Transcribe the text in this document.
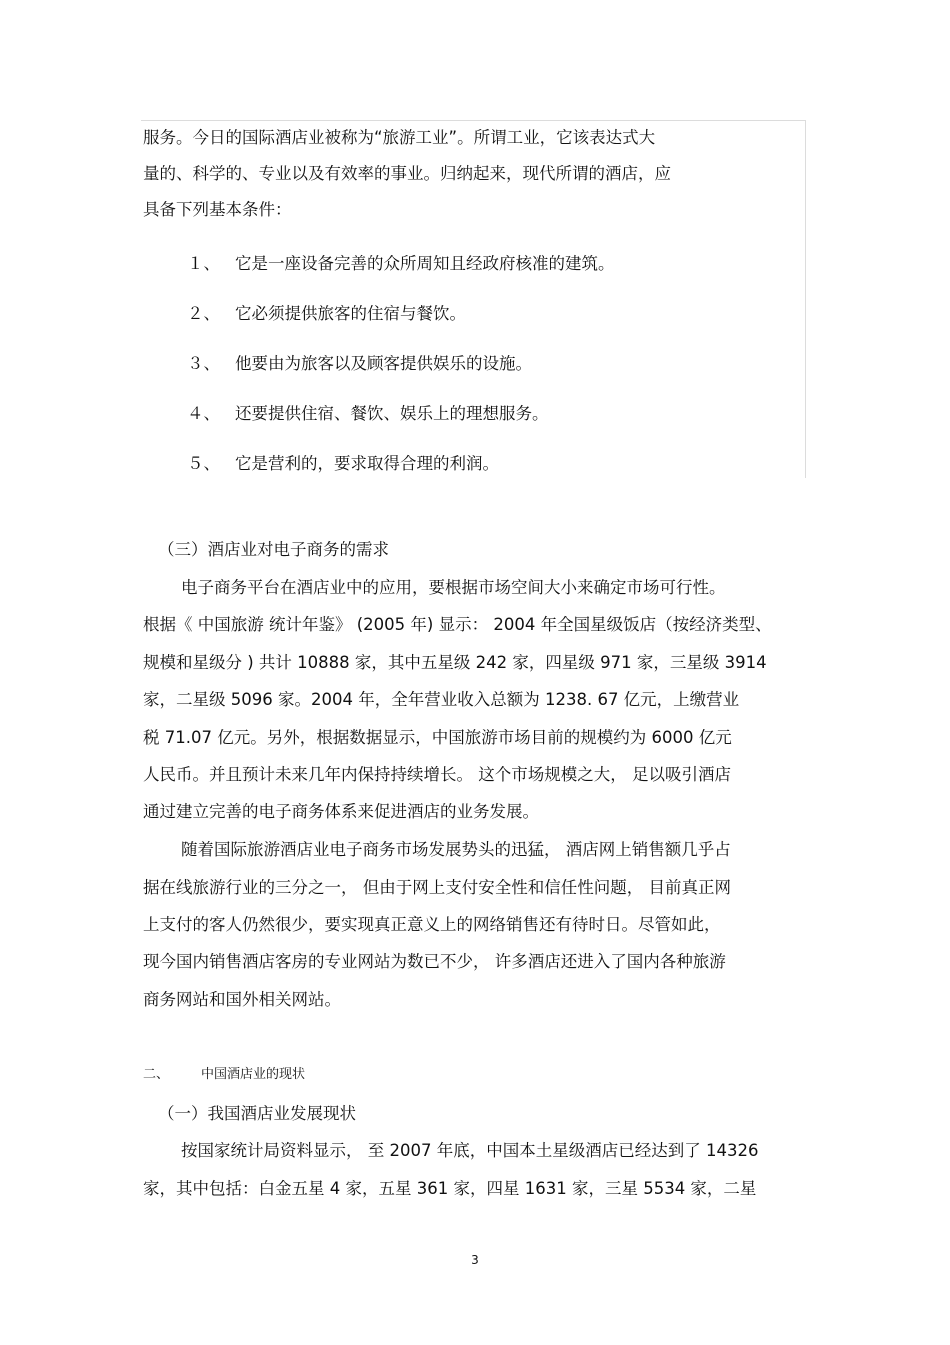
服务。今日的国际酒店业被称为“旅游工业”。所谓工业，它该表达式大
量的、科学的、专业以及有效率的事业。归纳起来，现代所谓的酒店，应
具备下列基本条件：
１、 它是一座设备完善的众所周知且经政府核准的建筑。
２、 它必须提供旅客的住宿与餐饮。
３、 他要由为旅客以及顾客提供娱乐的设施。
４、 还要提供住宿、餐饮、娱乐上的理想服务。
５、 它是营利的，要求取得合理的利润。
（三）酒店业对电子商务的需求
电子商务平台在酒店业中的应用，要根据市场空间大小来确定市场可行性。
根据《 中国旅游 统计年鉴》 (2005 年) 显示： 2004 年全国星级饭店（按经济类型、
规模和星级分 ) 共计 10888 家，其中五星级 242 家，四星级 971 家，三星级 3914
家，二星级 5096 家。2004 年，全年营业收入总额为 1238. 67 亿元，上缴营业
税 71.07 亿元。另外，根据数据显示，中国旅游市场目前的规模约为 6000 亿元
人民币。并且预计未来几年内保持持续增长。 这个市场规模之大， 足以吸引酒店
通过建立完善的电子商务体系来促进酒店的业务发展。
随着国际旅游酒店业电子商务市场发展势头的迅猛， 酒店网上销售额几乎占
据在线旅游行业的三分之一， 但由于网上支付安全性和信任性问题， 目前真正网
上支付的客人仍然很少，要实现真正意义上的网络销售还有待时日。尽管如此，
现今国内销售酒店客房的专业网站为数已不少， 许多酒店还进入了国内各种旅游
商务网站和国外相关网站。
二、 中国酒店业的现状
（一）我国酒店业发展现状
按国家统计局资料显示， 至 2007 年底，中国本土星级酒店已经达到了 14326
家，其中包括：白金五星 4 家，五星 361 家，四星 1631 家，三星 5534 家，二星
3
